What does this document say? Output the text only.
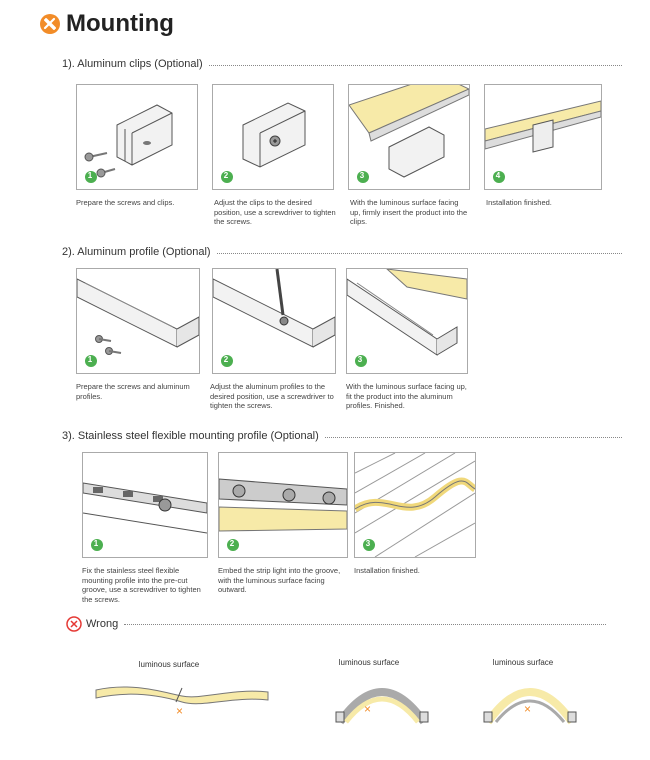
Mounting
1). Aluminum clips (Optional)
Prepare the screws and clips.	Adjust the clips to the desired position, use a screwdriver to tighten the screws.
With the luminous surface facing up, firmly insert the product into the clips.
Installation finished.
2). Aluminum profile (Optional)
Prepare the screws and aluminum profiles.
Adjust the aluminum profiles to the desired position, use a screwdriver to tighten the screws.
With the luminous surface facing up, fit the product into the aluminum profiles. Finished.
3). Stainless steel flexible mounting profile (Optional)
Fix the stainless steel flexible mounting profile into the pre-cut groove, use a screwdriver to tighten the screws.
Embed the strip light into the groove, with the luminous surface facing outward.
Installation finished.
Wrong
luminous surface
×
luminous surface
×
luminous surface
×
1	2	3	4
1	2	3
1	2	3
